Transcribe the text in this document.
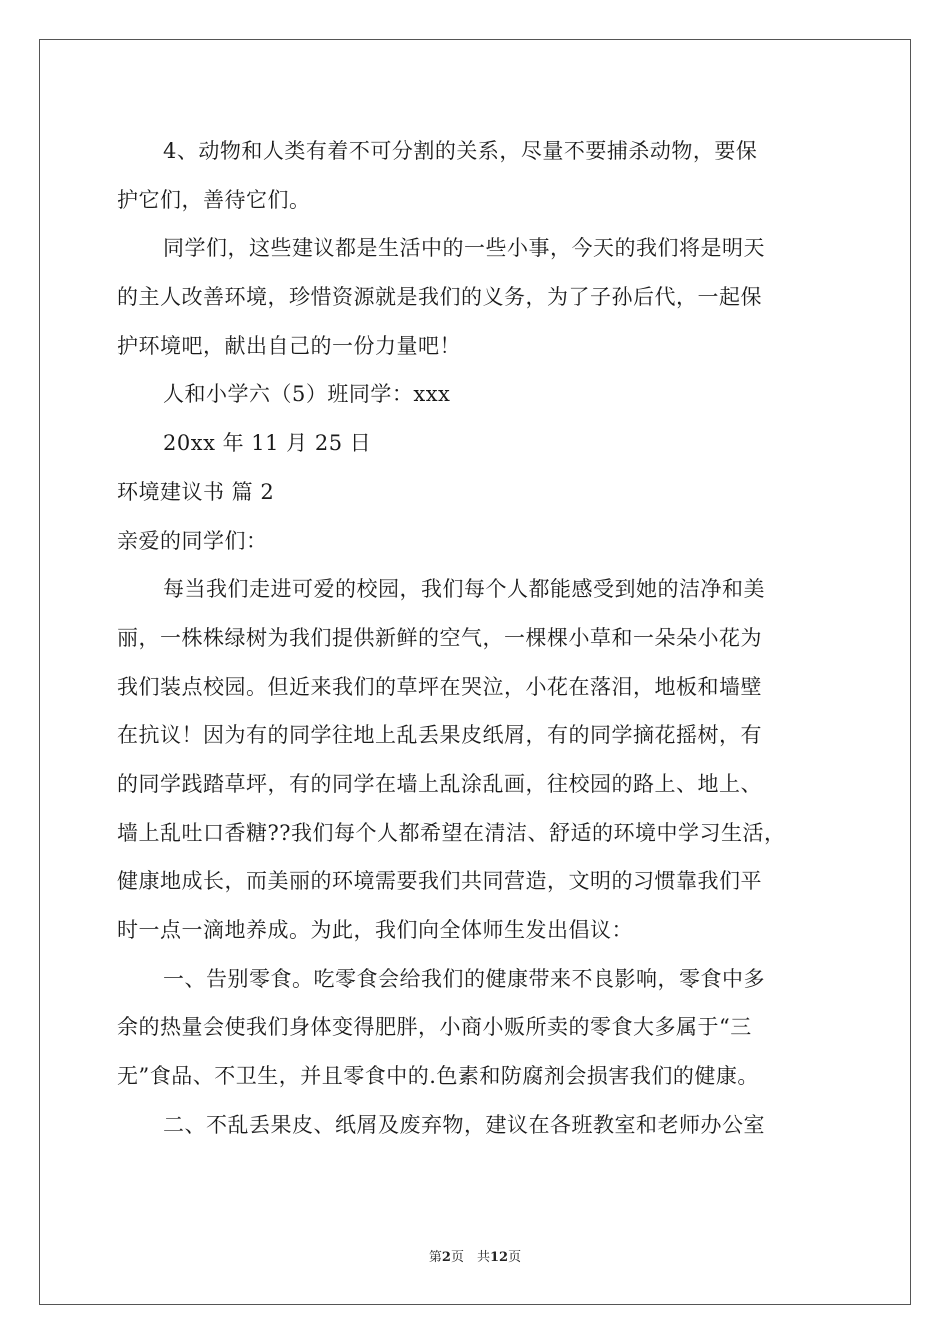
4、动物和人类有着不可分割的关系，尽量不要捕杀动物，要保
护它们，善待它们。
同学们，这些建议都是生活中的一些小事，今天的我们将是明天
的主人改善环境，珍惜资源就是我们的义务，为了子孙后代，一起保
护环境吧，献出自己的一份力量吧！
人和小学六（5）班同学：xxx
20xx 年 11 月 25 日
环境建议书 篇 2
亲爱的同学们：
每当我们走进可爱的校园，我们每个人都能感受到她的洁净和美
丽，一株株绿树为我们提供新鲜的空气，一棵棵小草和一朵朵小花为
我们装点校园。但近来我们的草坪在哭泣，小花在落泪，地板和墙壁
在抗议！因为有的同学往地上乱丢果皮纸屑，有的同学摘花摇树，有
的同学践踏草坪，有的同学在墙上乱涂乱画，往校园的路上、地上、
墙上乱吐口香糖??我们每个人都希望在清洁、舒适的环境中学习生活，
健康地成长，而美丽的环境需要我们共同营造，文明的习惯靠我们平
时一点一滴地养成。为此，我们向全体师生发出倡议：
一、告别零食。吃零食会给我们的健康带来不良影响，零食中多
余的热量会使我们身体变得肥胖，小商小贩所卖的零食大多属于“三
无”食品、不卫生，并且零食中的.色素和防腐剂会损害我们的健康。
二、不乱丢果皮、纸屑及废弃物，建议在各班教室和老师办公室
第2页　共12页
